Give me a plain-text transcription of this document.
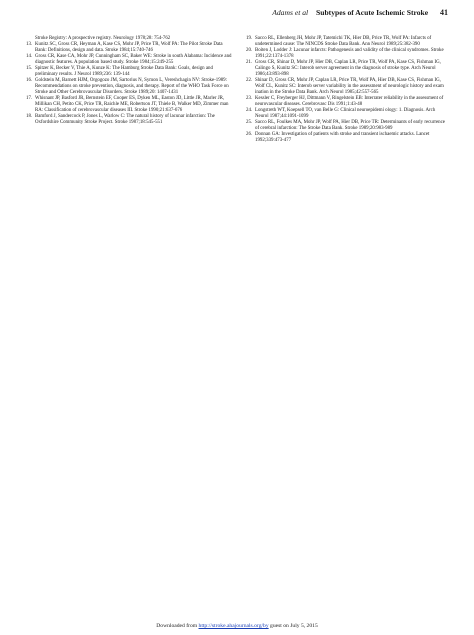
Adams et al Subtypes of Acute Ischemic Stroke 41

Stroke Registry: A prospective registry. Neurology 1978;28: 754-762

13. Kunitz SC, Gross CR, Heyman A, Kase CS, Mohr JP, Price TR, Wolf PA: The Pilot Stroke Data Bank: Definitions, design and data. Stroke 1984;15:740-746

14. Gross CR, Kase CA, Mohr JP, Cunningham SC, Baker WE: Stroke in south Alabama: Incidence and diagnostic features. A population based study. Stroke 1984;15:249-255

15. Spitzer K, Becker V, Thie A, Kunze K: The Hamburg Stroke Data Bank: Goals, design and preliminary results. J Neurol 1989;236: 139-144

16. Goldstein M, Barnett HJM, Orgogozo JM, Sartorius N, Symon L, Vereshchagin NV: Stroke-1989: Recommendations on stroke prevention, diagnosis, and therapy. Report of the WHO Task Force on Stroke and Other Cerebrovascular Disorders. Stroke 1989;20: 1407-1431

17. Whisnant JP, Basford JR, Bernstein EF, Cooper ES, Dyken ML, Easton JD, Little JR, Marler JR, Millikan CH, Petito CK, Price TR, Raichle ME, Robertson JT, Thiele B, Walker MD, Zimmer man RA: Classification of cerebrovascular diseases III. Stroke 1990;21:637-676

18. Bamford J, Sandercock P, Jones L, Warlow C: The natural history of lacunar infarction: The Oxfordshire Community Stroke Project. Stroke 1987;18:545-551

19. Sacco RL, Ellenberg JH, Mohr JP, Tatemichi TK, Hier DB, Price TR, Wolf PA: Infarcts of undetermined cause: The NINCDS Stroke Data Bank. Ann Neurol 1989;25:382-390

20. Boiten J, Lodder J: Lacunar infarcts: Pathogenesis and validity of the clinical syndromes. Stroke 1991;22:1374-1378

21. Gross CR, Shinar D, Mohr JP, Hier DB, Caplan LR, Price TR, Wolf PA, Kase CS, Fishman IG, Calingo S, Kunitz SC: Interob server agreement in the diagnosis of stroke type. Arch Neurol 1986;43:893-898

22. Shinar D, Gross CR, Mohr JP, Caplan LR, Price TR, Wolf PA, Hier DB, Kase CS, Fishman IG, Wolf CL, Kunitz SC: Interob server variability in the assessment of neurologic history and exam ination in the Stroke Data Bank. Arch Neurol 1985;42:557-565

23. Kessler C, Freyberger HJ, Dittmann V, Ringelstein EB: Interrater reliability in the assessment of neurovascular diseases. Cerebrovasc Dis 1991;1:43-48

24. Longstreth WT, Koepsell TO, van Belle G: Clinical neuroepidemi ology: 1. Diagnosis. Arch Neurol 1987;44:1091-1099

25. Sacco RL, Foulkes MA, Mohr JP, Wolf PA, Hier DB, Price TR: Determinants of early recurrence of cerebral infarction: The Stroke Data Bank. Stroke 1989;20:983-989

26. Donnan GA: Investigation of patients with stroke and transient ischaemic attacks. Lancet 1992;339:473-477

Downloaded from http://stroke.ahajournals.org/by guest on July 5, 2015
